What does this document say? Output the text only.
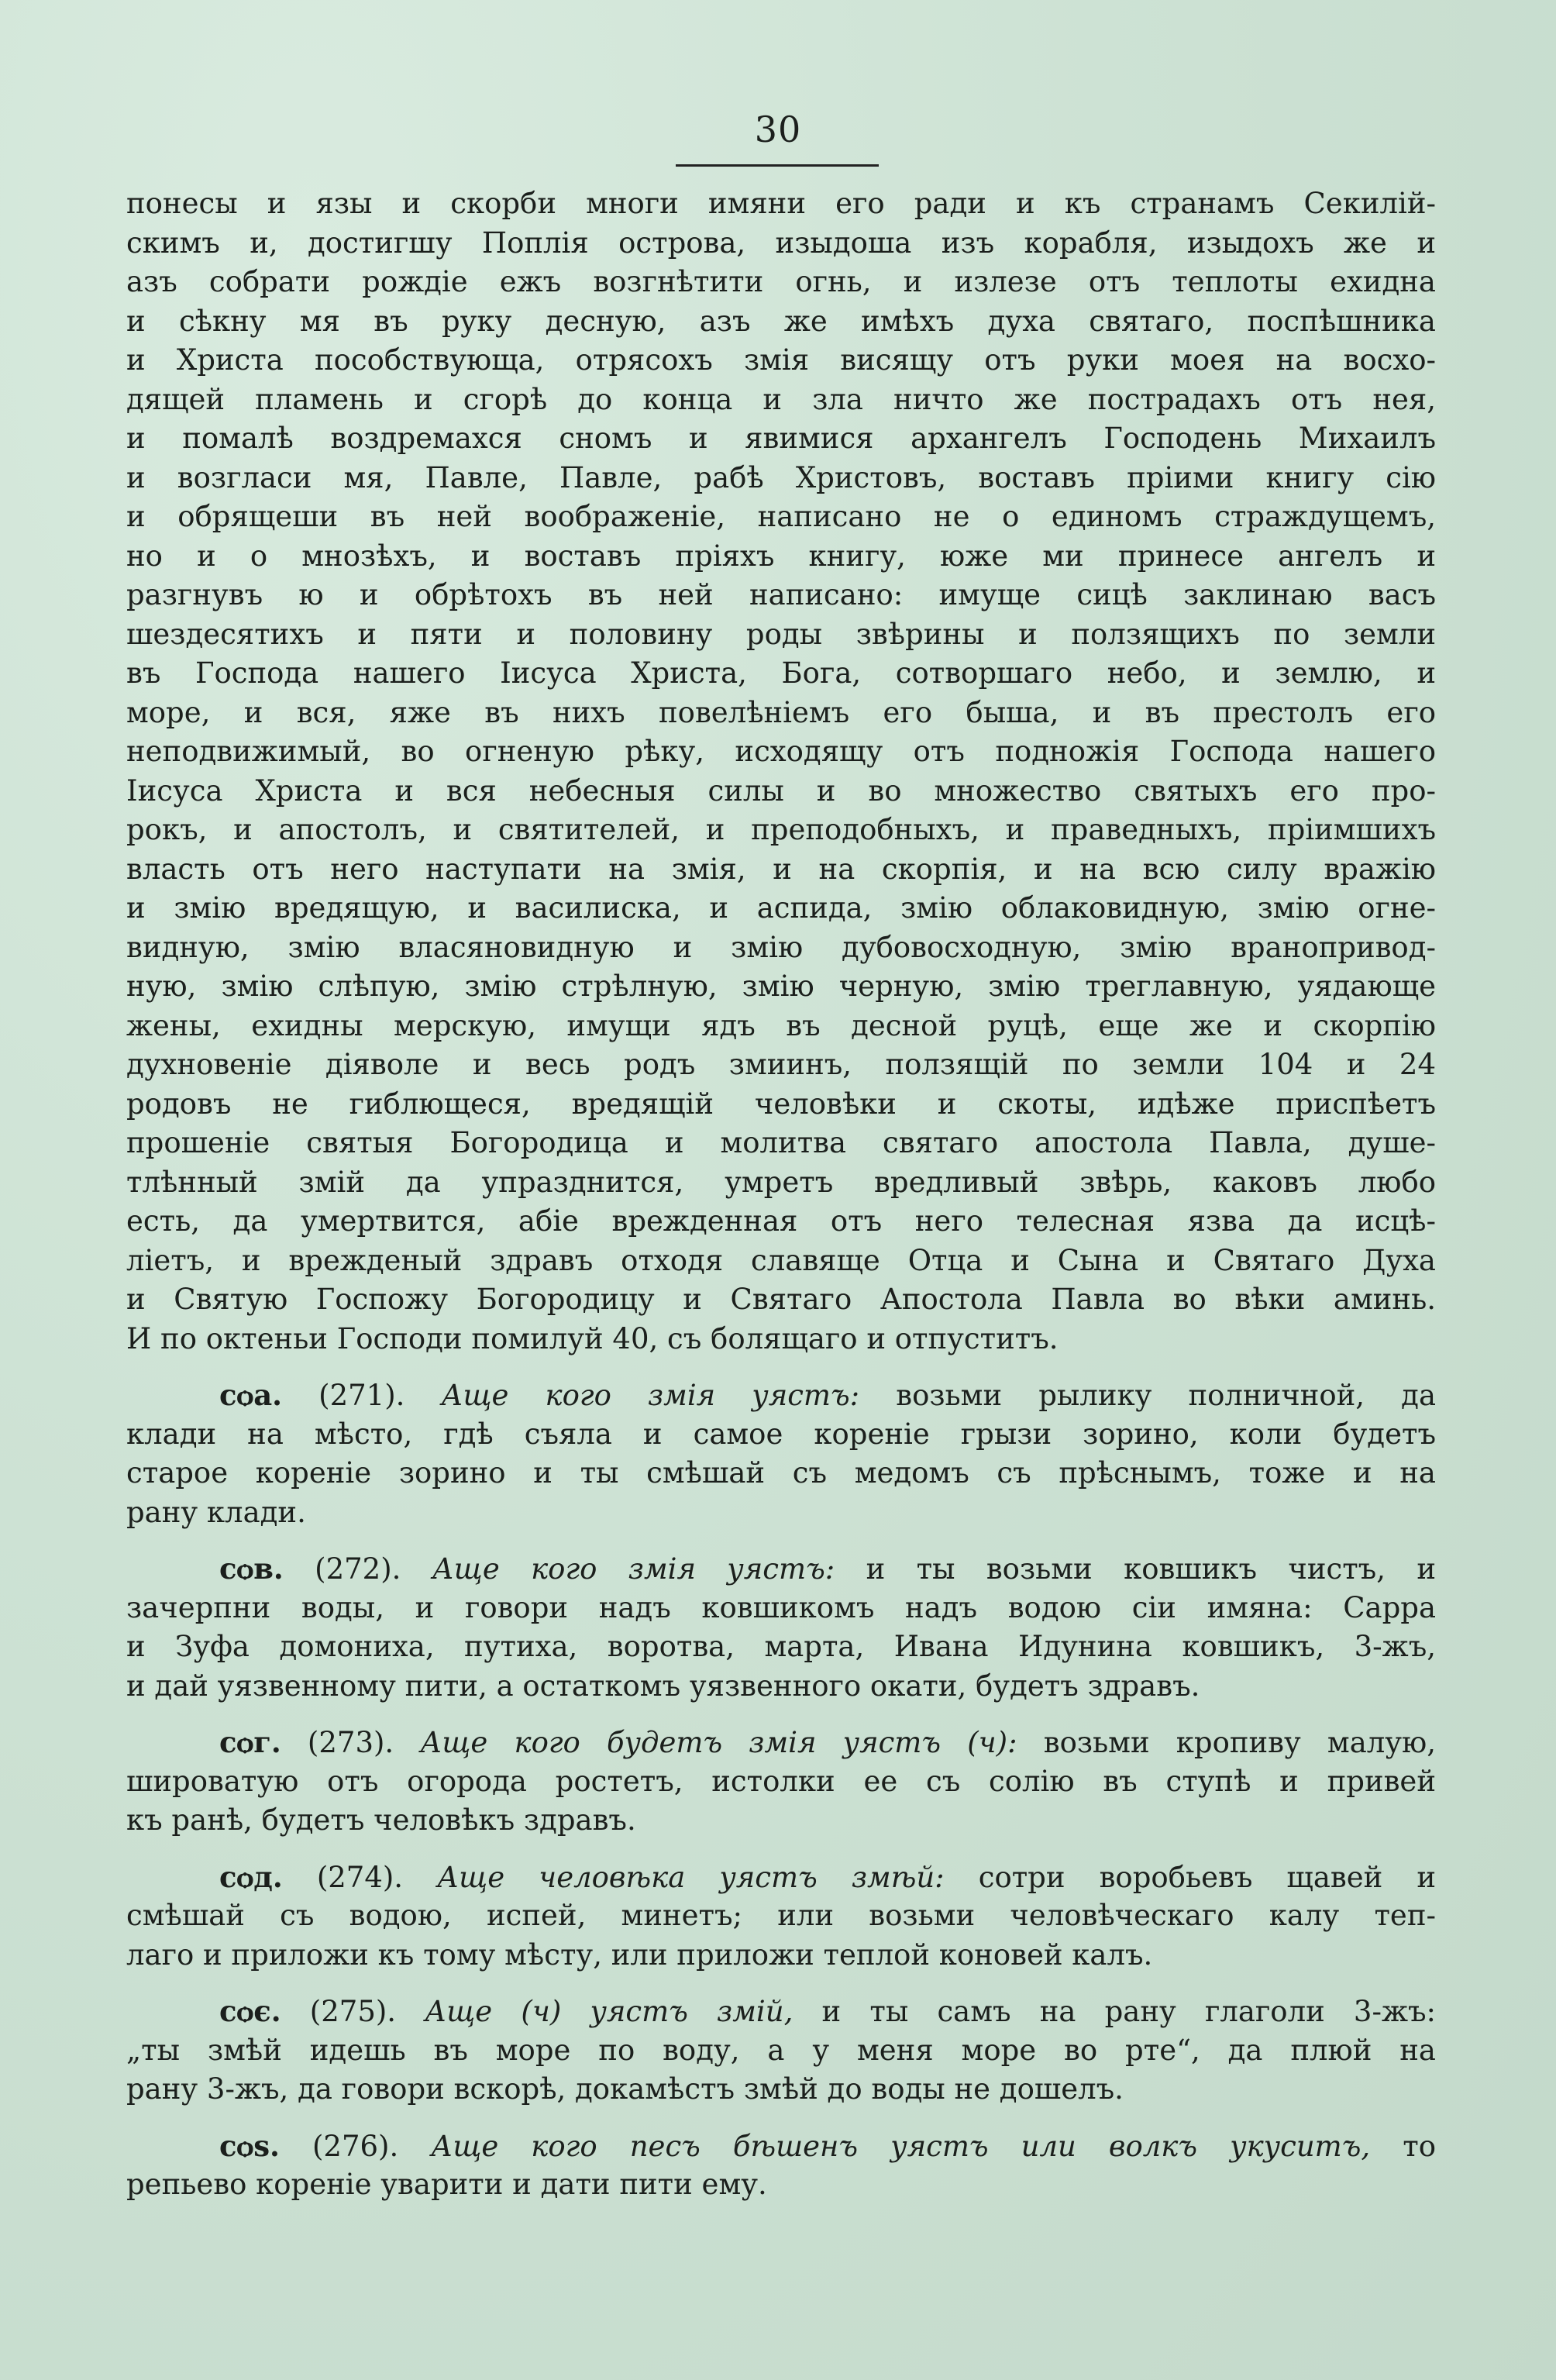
30
понесы и язы и скорби многи имяни его ради и къ странамъ Секилій-
скимъ и, достигшу Поплія острова, изыдоша изъ корабля, изыдохъ же и
азъ собрати рождіе ежъ возгнѣтити огнь, и излезе отъ теплоты ехидна
и сѣкну мя въ руку десную, азъ же имѣхъ духа святаго, поспѣшника
и Христа пособствующа, отрясохъ змія висящу отъ руки моея на восхо-
дящей пламень и сгорѣ до конца и зла ничто же пострадахъ отъ нея,
и помалѣ воздремахся сномъ и явимися архангелъ Господень Михаилъ
и возгласи мя, Павле, Павле, рабѣ Христовъ, воставъ пріими книгу сію
и обрящеши въ ней воображеніе, написано не о единомъ страждущемъ,
но и о мнозѣхъ, и воставъ пріяхъ книгу, юже ми принесе ангелъ и
разгнувъ ю и обрѣтохъ въ ней написано: имуще сицѣ заклинаю васъ
шездесятихъ и пяти и половину роды звѣрины и ползящихъ по земли
въ Господа нашего Іисуса Христа, Бога, сотворшаго небо, и землю, и
море, и вся, яже въ нихъ повелѣніемъ его быша, и въ престолъ его
неподвижимый, во огненую рѣку, исходящу отъ подножія Господа нашего
Іисуса Христа и вся небесныя силы и во множество святыхъ его про-
рокъ, и апостолъ, и святителей, и преподобныхъ, и праведныхъ, пріимшихъ
власть отъ него наступати на змія, и на скорпія, и на всю силу вражію
и змію вредящую, и василиска, и аспида, змію облаковидную, змію огне-
видную, змію власяновидную и змію дубовосходную, змію вранопривод-
ную, змію слѣпую, змію стрѣлную, змію черную, змію треглавную, уядающе
жены, ехидны мерскую, имущи ядъ въ десной руцѣ, еще же и скорпію
духновеніе діяволе и весь родъ змиинъ, ползящій по земли 104 и 24
родовъ не гиблющеся, вредящій человѣки и скоты, идѣже приспѣетъ
прошеніе святыя Богородица и молитва святаго апостола Павла, душе-
тлѣнный змій да упразднится, умретъ вредливый звѣрь, каковъ любо
есть, да умертвится, абіе врежденная отъ него телесная язва да исцѣ-
ліетъ, и врежденый здравъ отходя славяще Отца и Сына и Святаго Духа
и Святую Госпожу Богородицу и Святаго Апостола Павла во вѣки аминь.
И по октеньи Господи помилуй 40, съ болящаго и отпуститъ.
сѻа. (271). Аще кого змія уястъ: возьми рылику полничной, да
клади на мѣсто, гдѣ съяла и самое кореніе грызи зорино, коли будетъ
старое кореніе зорино и ты смѣшай съ медомъ съ прѣснымъ, тоже и на
рану клади.
сѻв. (272). Аще кого змія уястъ: и ты возьми ковшикъ чистъ, и
зачерпни воды, и говори надъ ковшикомъ надъ водою сіи имяна: Сарра
и Зуфа домониха, путиха, воротва, марта, Ивана Идунина ковшикъ, 3-жъ,
и дай уязвенному пити, а остаткомъ уязвенного окати, будетъ здравъ.
сѻг. (273). Аще кого будетъ змія уястъ (ч): возьми кропиву малую,
широватую отъ огорода ростетъ, истолки ее съ солію въ ступѣ и привей
къ ранѣ, будетъ человѣкъ здравъ.
сѻд. (274). Аще человѣка уястъ змѣй: сотри воробьевъ щавей и
смѣшай съ водою, испей, минетъ; или возьми человѣческаго калу теп-
лаго и приложи къ тому мѣсту, или приложи теплой коновей калъ.
сѻє. (275). Аще (ч) уястъ змій, и ты самъ на рану глаголи 3-жъ:
„ты змѣй идешь въ море по воду, а у меня море во рте“, да плюй на
рану 3-жъ, да говори вскорѣ, докамѣстъ змѣй до воды не дошелъ.
сѻѕ. (276). Аще кого песъ бѣшенъ уястъ или волкъ укуситъ, то
репьево кореніе уварити и дати пити ему.
